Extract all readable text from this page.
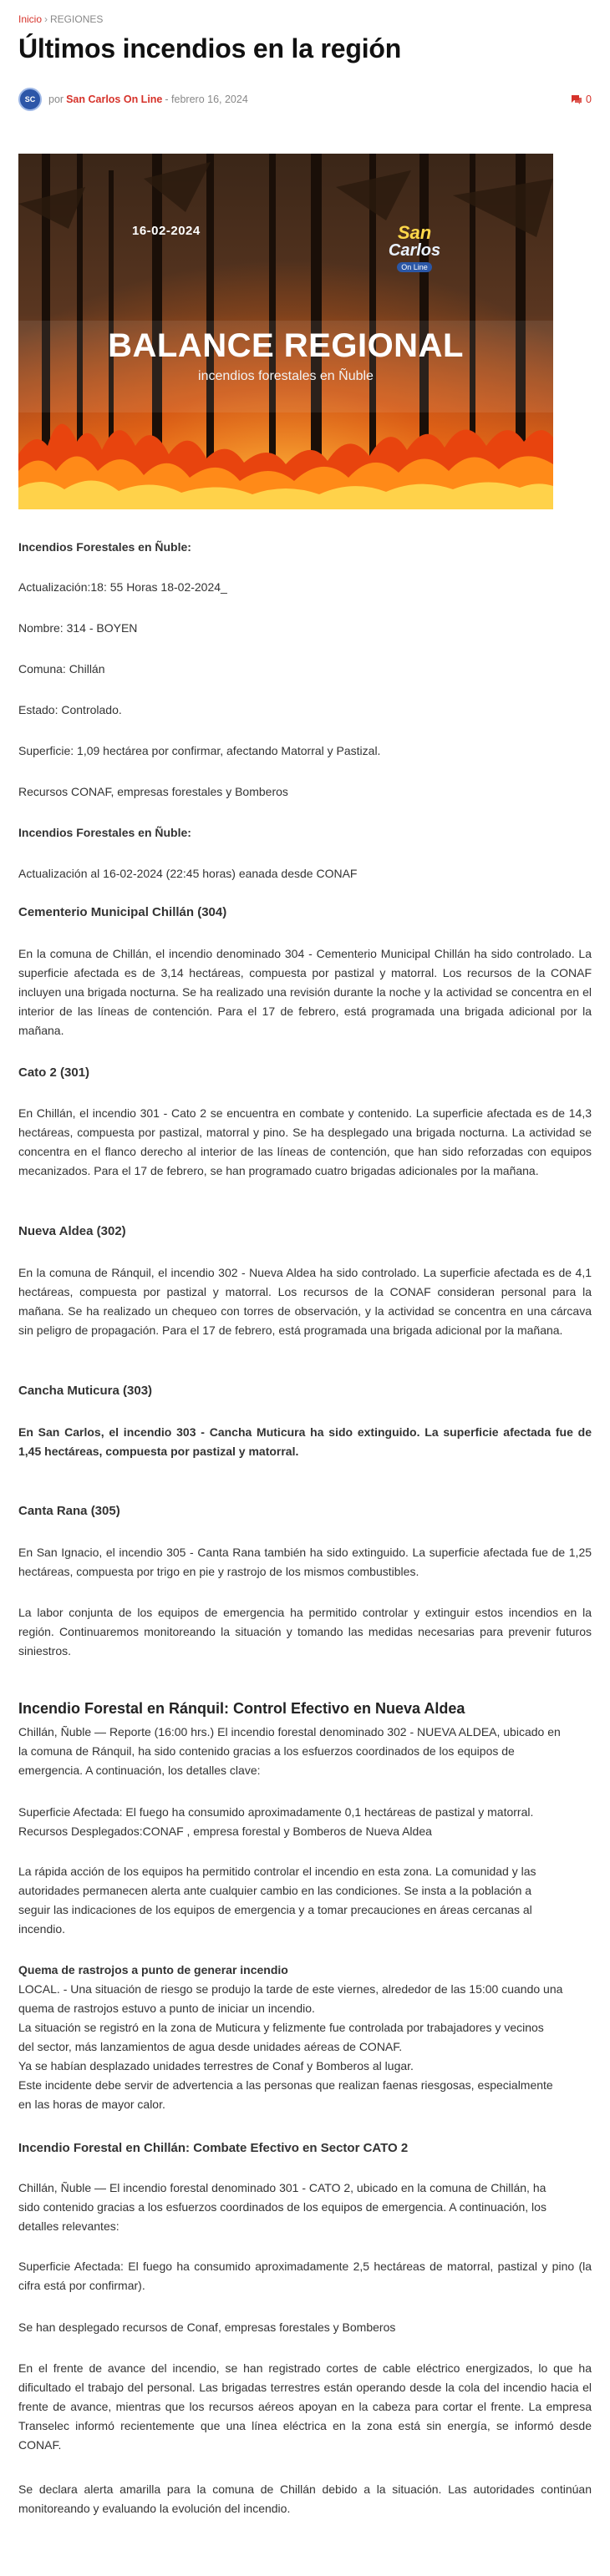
Inicio › REGIONES
Últimos incendios en la región
SC	por San Carlos On Line -
febrero 16, 2024	0
16-02-2024	San
Carlos
On Line
BALANCE REGIONAL
incendios forestales en Ñuble

Incendios Forestales en Ñuble:

Actualización:18: 55 Horas 18-02-2024_

Nombre: 314 - BOYEN

Comuna: Chillán

Estado: Controlado.

Superficie: 1,09 hectárea por confirmar, afectando Matorral y Pastizal.

Recursos CONAF, empresas forestales y Bomberos

Incendios Forestales en Ñuble:

Actualización al 16-02-2024 (22:45 horas) eanada desde CONAF

Cementerio Municipal Chillán (304)

En la comuna de Chillán, el incendio denominado 304 - Cementerio Municipal Chillán ha sido controlado. La superficie afectada es de 3,14 hectáreas, compuesta por pastizal y matorral. Los recursos de la CONAF incluyen una brigada nocturna. Se ha realizado una revisión durante la noche y la actividad se concentra en el interior de las líneas de contención. Para el 17 de febrero, está programada una brigada adicional por la mañana.

Cato 2 (301)

En Chillán, el incendio 301 - Cato 2 se encuentra en combate y contenido. La superficie afectada es de 14,3 hectáreas, compuesta por pastizal, matorral y pino. Se ha desplegado una brigada nocturna. La actividad se concentra en el flanco derecho al interior de las líneas de contención, que han sido reforzadas con equipos mecanizados. Para el 17 de febrero, se han programado cuatro brigadas adicionales por la mañana.

Nueva Aldea (302)

En la comuna de Ránquil, el incendio 302 - Nueva Aldea ha sido controlado. La superficie afectada es de 4,1 hectáreas, compuesta por pastizal y matorral. Los recursos de la CONAF consideran personal para la mañana. Se ha realizado un chequeo con torres de observación, y la actividad se concentra en una cárcava sin peligro de propagación. Para el 17 de febrero, está programada una brigada adicional por la mañana.

Cancha Muticura (303)

En San Carlos, el incendio 303 - Cancha Muticura ha sido extinguido. La superficie afectada fue de 1,45 hectáreas, compuesta por pastizal y matorral.

Canta Rana (305)

En San Ignacio, el incendio 305 - Canta Rana también ha sido extinguido. La superficie afectada fue de 1,25 hectáreas, compuesta por trigo en pie y rastrojo de los mismos combustibles.

La labor conjunta de los equipos de emergencia ha permitido controlar y extinguir estos incendios en la región. Continuaremos monitoreando la situación y tomando las medidas necesarias para prevenir futuros siniestros.

Incendio Forestal en Ránquil: Control Efectivo en Nueva Aldea

Chillán, Ñuble — Reporte (16:00 hrs.) El incendio forestal denominado 302 - NUEVA ALDEA, ubicado en
la comuna de Ránquil, ha sido contenido gracias a los esfuerzos coordinados de los equipos de
emergencia. A continuación, los detalles clave:

Superficie Afectada: El fuego ha consumido aproximadamente 0,1 hectáreas de pastizal y matorral.
Recursos Desplegados:CONAF , empresa forestal y Bomberos de Nueva Aldea

La rápida acción de los equipos ha permitido controlar el incendio en esta zona. La comunidad y las
autoridades permanecen alerta ante cualquier cambio en las condiciones. Se insta a la población a
seguir las indicaciones de los equipos de emergencia y a tomar precauciones en áreas cercanas al
incendio.

Quema de rastrojos a punto de generar incendio

LOCAL. - Una situación de riesgo se produjo la tarde de este viernes, alrededor de las 15:00 cuando una
quema de rastrojos estuvo a punto de iniciar un incendio.
La situación se registró en la zona de Muticura y felizmente fue controlada por trabajadores y vecinos
del sector, más lanzamientos de agua desde unidades aéreas de CONAF.
Ya se habían desplazado unidades terrestres de Conaf y Bomberos al lugar.
Este incidente debe servir de advertencia a las personas que realizan faenas riesgosas, especialmente
en las horas de mayor calor.

Incendio Forestal en Chillán: Combate Efectivo en Sector CATO 2

Chillán, Ñuble — El incendio forestal denominado 301 - CATO 2, ubicado en la comuna de Chillán, ha
sido contenido gracias a los esfuerzos coordinados de los equipos de emergencia. A continuación, los
detalles relevantes:

Superficie Afectada: El fuego ha consumido aproximadamente 2,5 hectáreas de matorral, pastizal y pino (la cifra está por confirmar).

Se han desplegado recursos de Conaf, empresas forestales y Bomberos

En el frente de avance del incendio, se han registrado cortes de cable eléctrico energizados, lo que ha dificultado el trabajo del personal. Las brigadas terrestres están operando desde la cola del incendio hacia el frente de avance, mientras que los recursos aéreos apoyan en la cabeza para cortar el frente. La empresa Transelec informó recientemente que una línea eléctrica en la zona está sin energía, se informó desde CONAF.

Se declara alerta amarilla para la comuna de Chillán debido a la situación. Las autoridades continúan monitoreando y evaluando la evolución del incendio.
